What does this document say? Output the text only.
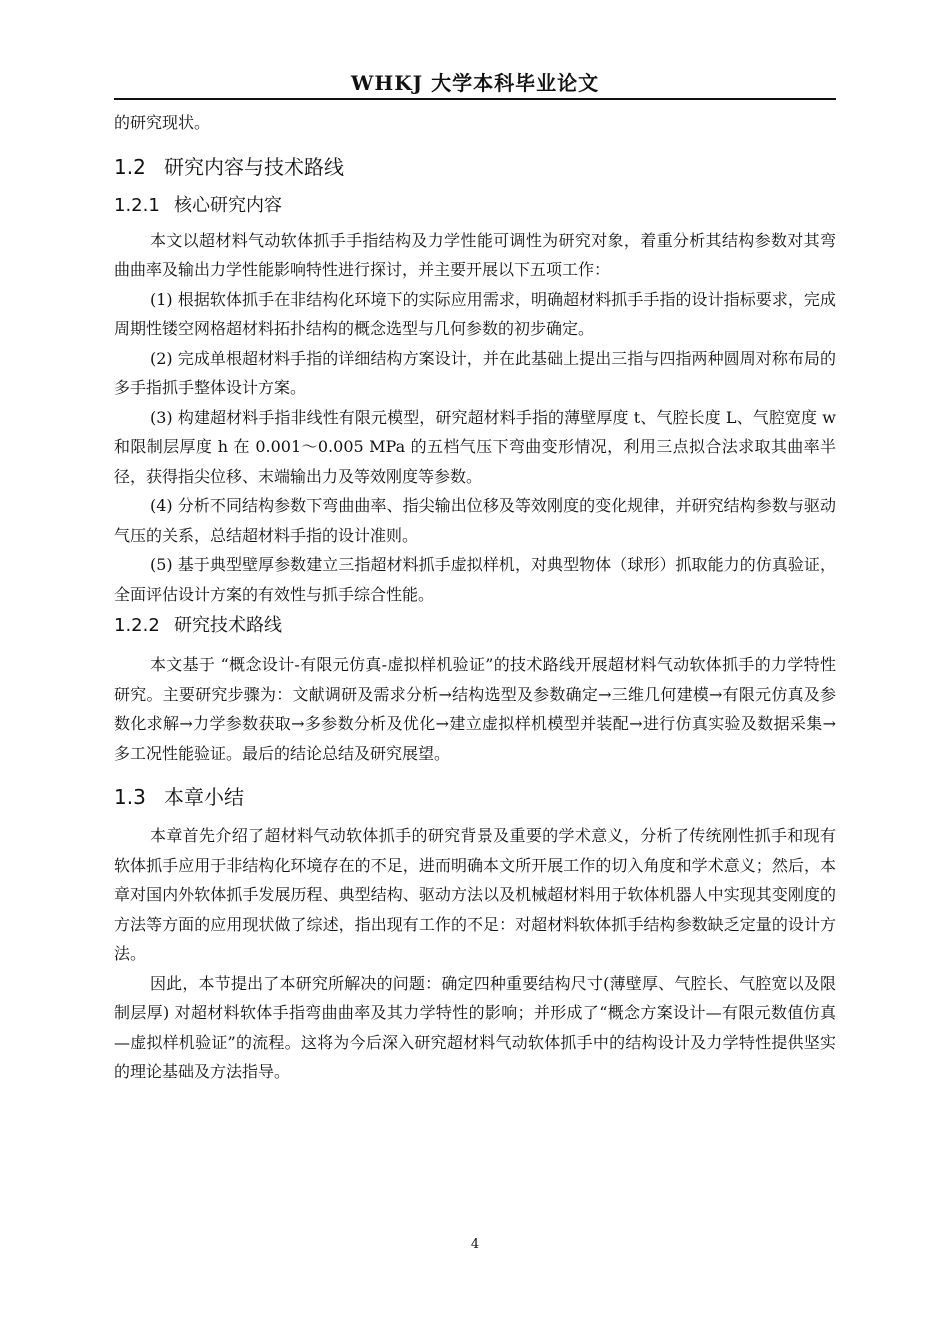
WHKJ 大学本科毕业论文

的研究现状。

1.2 研究内容与技术路线
1.2.1 核心研究内容

本文以超材料气动软体抓手手指结构及力学性能可调性为研究对象，着重分析其结构参数对其弯曲曲率及输出力学性能影响特性进行探讨，并主要开展以下五项工作：

(1) 根据软体抓手在非结构化环境下的实际应用需求，明确超材料抓手手指的设计指标要求，完成周期性镂空网格超材料拓扑结构的概念选型与几何参数的初步确定。

(2) 完成单根超材料手指的详细结构方案设计，并在此基础上提出三指与四指两种圆周对称布局的多手指抓手整体设计方案。

(3) 构建超材料手指非线性有限元模型，研究超材料手指的薄壁厚度 t、气腔长度 L、气腔宽度 w 和限制层厚度 h 在 0.001～0.005 MPa 的五档气压下弯曲变形情况，利用三点拟合法求取其曲率半径，获得指尖位移、末端输出力及等效刚度等参数。

(4) 分析不同结构参数下弯曲曲率、指尖输出位移及等效刚度的变化规律，并研究结构参数与驱动气压的关系，总结超材料手指的设计准则。

(5) 基于典型壁厚参数建立三指超材料抓手虚拟样机，对典型物体（球形）抓取能力的仿真验证，全面评估设计方案的有效性与抓手综合性能。

1.2.2 研究技术路线

本文基于 “概念设计-有限元仿真-虚拟样机验证”的技术路线开展超材料气动软体抓手的力学特性研究。主要研究步骤为：文献调研及需求分析→结构选型及参数确定→三维几何建模→有限元仿真及参数化求解→力学参数获取→多参数分析及优化→建立虚拟样机模型并装配→进行仿真实验及数据采集→多工况性能验证。最后的结论总结及研究展望。

1.3 本章小结

本章首先介绍了超材料气动软体抓手的研究背景及重要的学术意义，分析了传统刚性抓手和现有软体抓手应用于非结构化环境存在的不足，进而明确本文所开展工作的切入角度和学术意义；然后，本章对国内外软体抓手发展历程、典型结构、驱动方法以及机械超材料用于软体机器人中实现其变刚度的方法等方面的应用现状做了综述，指出现有工作的不足：对超材料软体抓手结构参数缺乏定量的设计方法。

因此，本节提出了本研究所解决的问题：确定四种重要结构尺寸(薄壁厚、气腔长、气腔宽以及限制层厚) 对超材料软体手指弯曲曲率及其力学特性的影响；并形成了“概念方案设计—有限元数值仿真—虚拟样机验证”的流程。这将为今后深入研究超材料气动软体抓手中的结构设计及力学特性提供坚实的理论基础及方法指导。

4
